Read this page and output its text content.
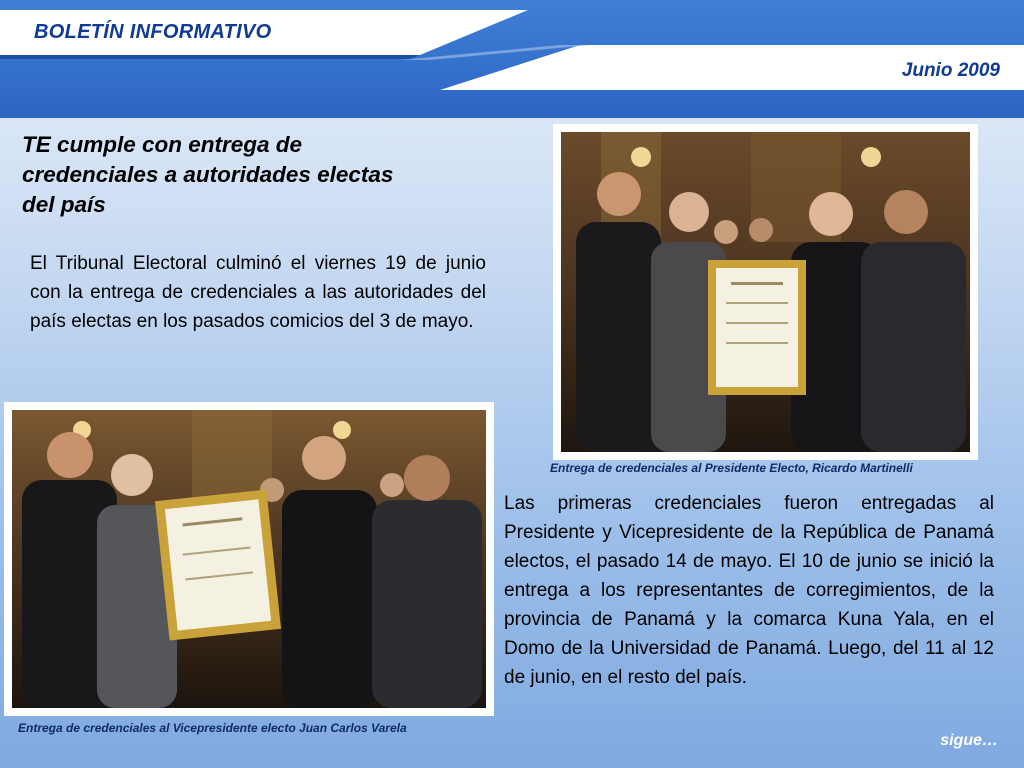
BOLETÍN INFORMATIVO
Junio 2009
TE cumple con entrega de
credenciales a autoridades electas
del país
El Tribunal Electoral culminó el viernes 19 de junio con la entrega de credenciales a las autoridades del país electas en los pasados comicios del 3 de mayo.
Entrega de credenciales al Presidente Electo, Ricardo Martinelli
Entrega de credenciales al Vicepresidente electo Juan Carlos Varela
Las primeras credenciales fueron entregadas al Presidente y Vicepresidente de la República de Panamá electos, el pasado 14 de mayo. El 10 de junio se inició la entrega a los representantes de corregimientos, de la provincia de Panamá y la comarca Kuna Yala, en el Domo de la Universidad de Panamá. Luego, del 11 al 12 de junio, en el resto del país.
sigue…
